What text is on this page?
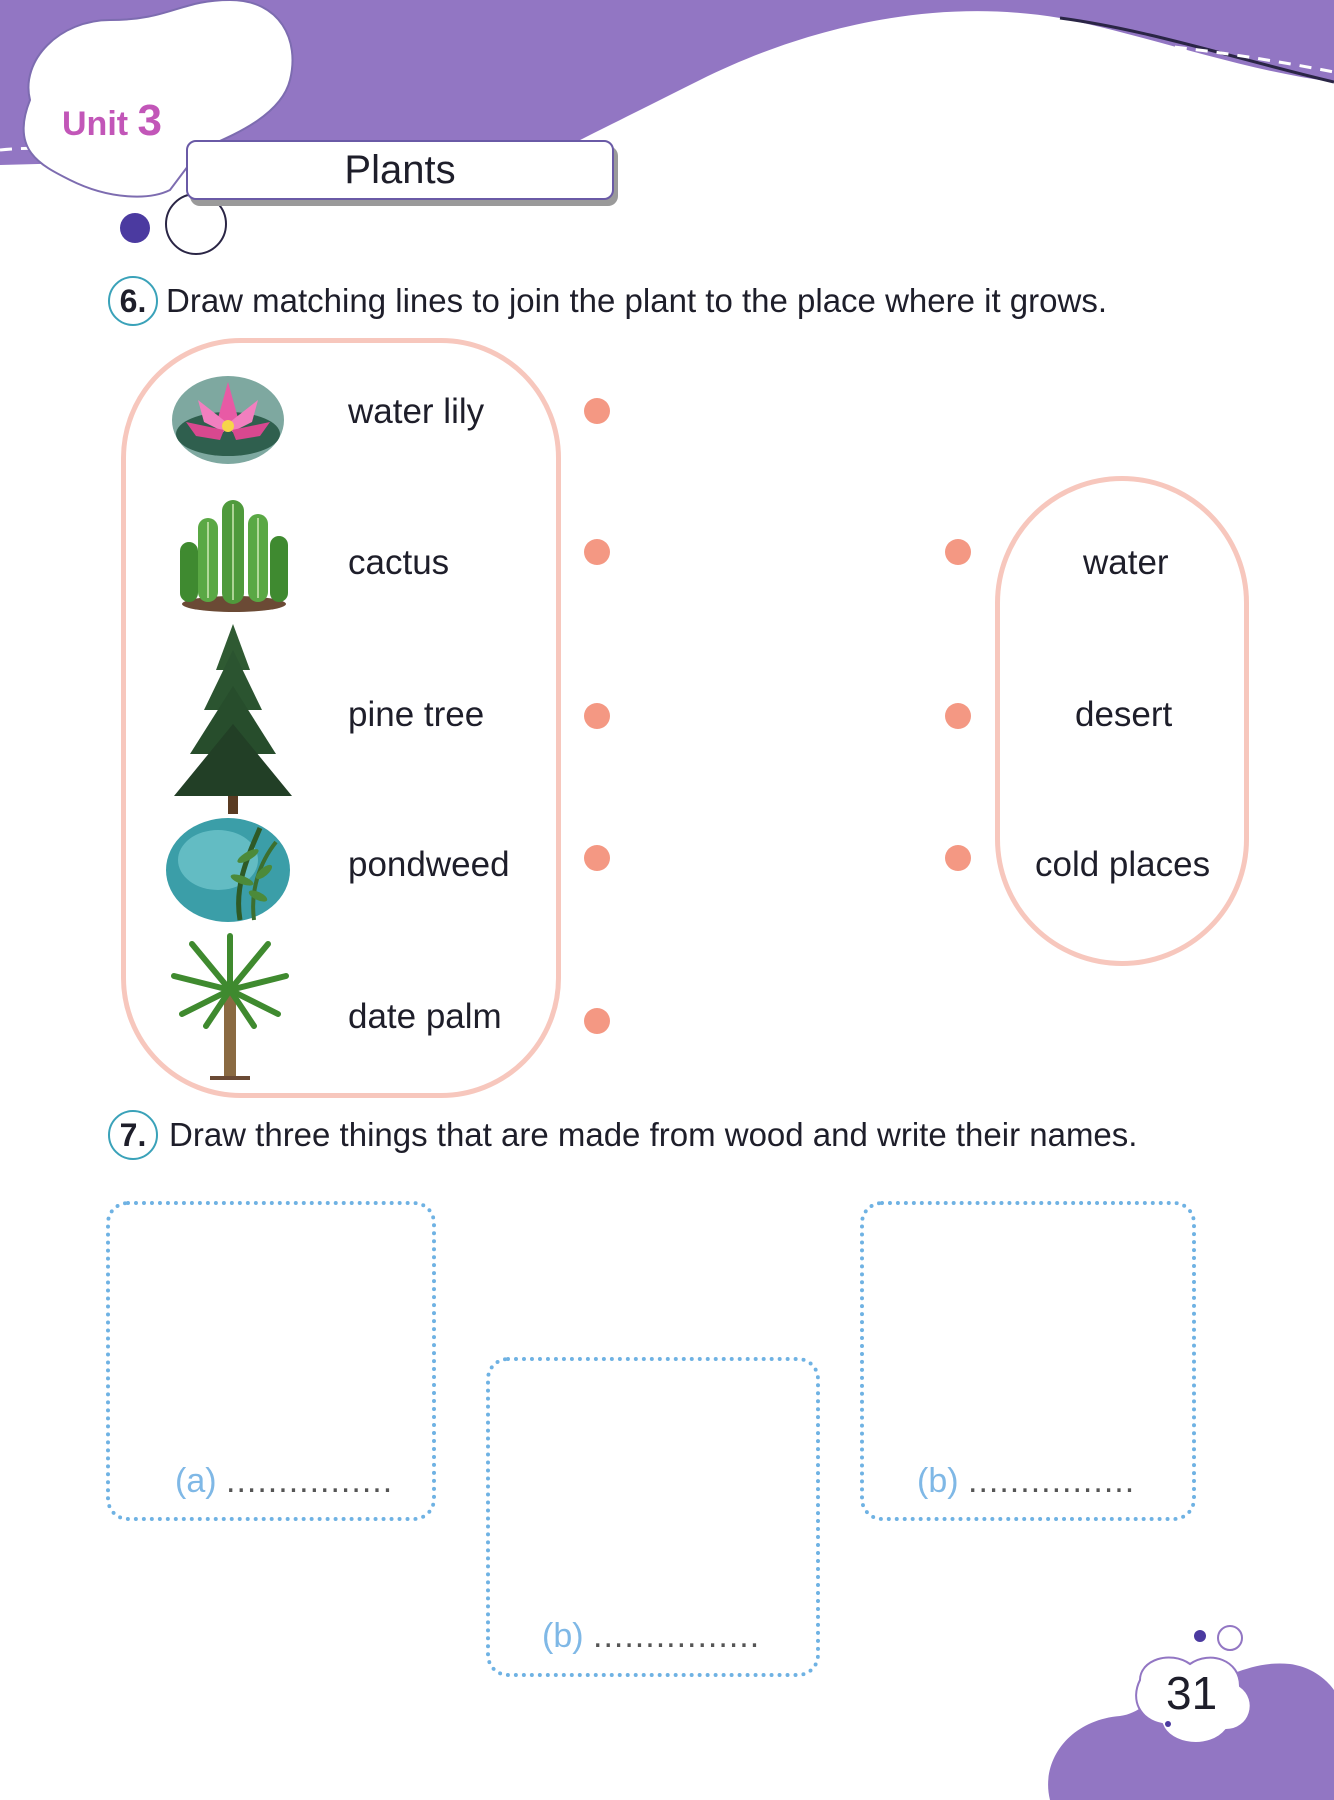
Unit 3
Plants
6. Draw matching lines to join the plant to the place where it grows.
water lily
cactus
pine tree
pondweed
date palm
water
desert
cold places
7. Draw three things that are made from wood and write their names.
(a) ................
(b) ................
(b) ................
31
